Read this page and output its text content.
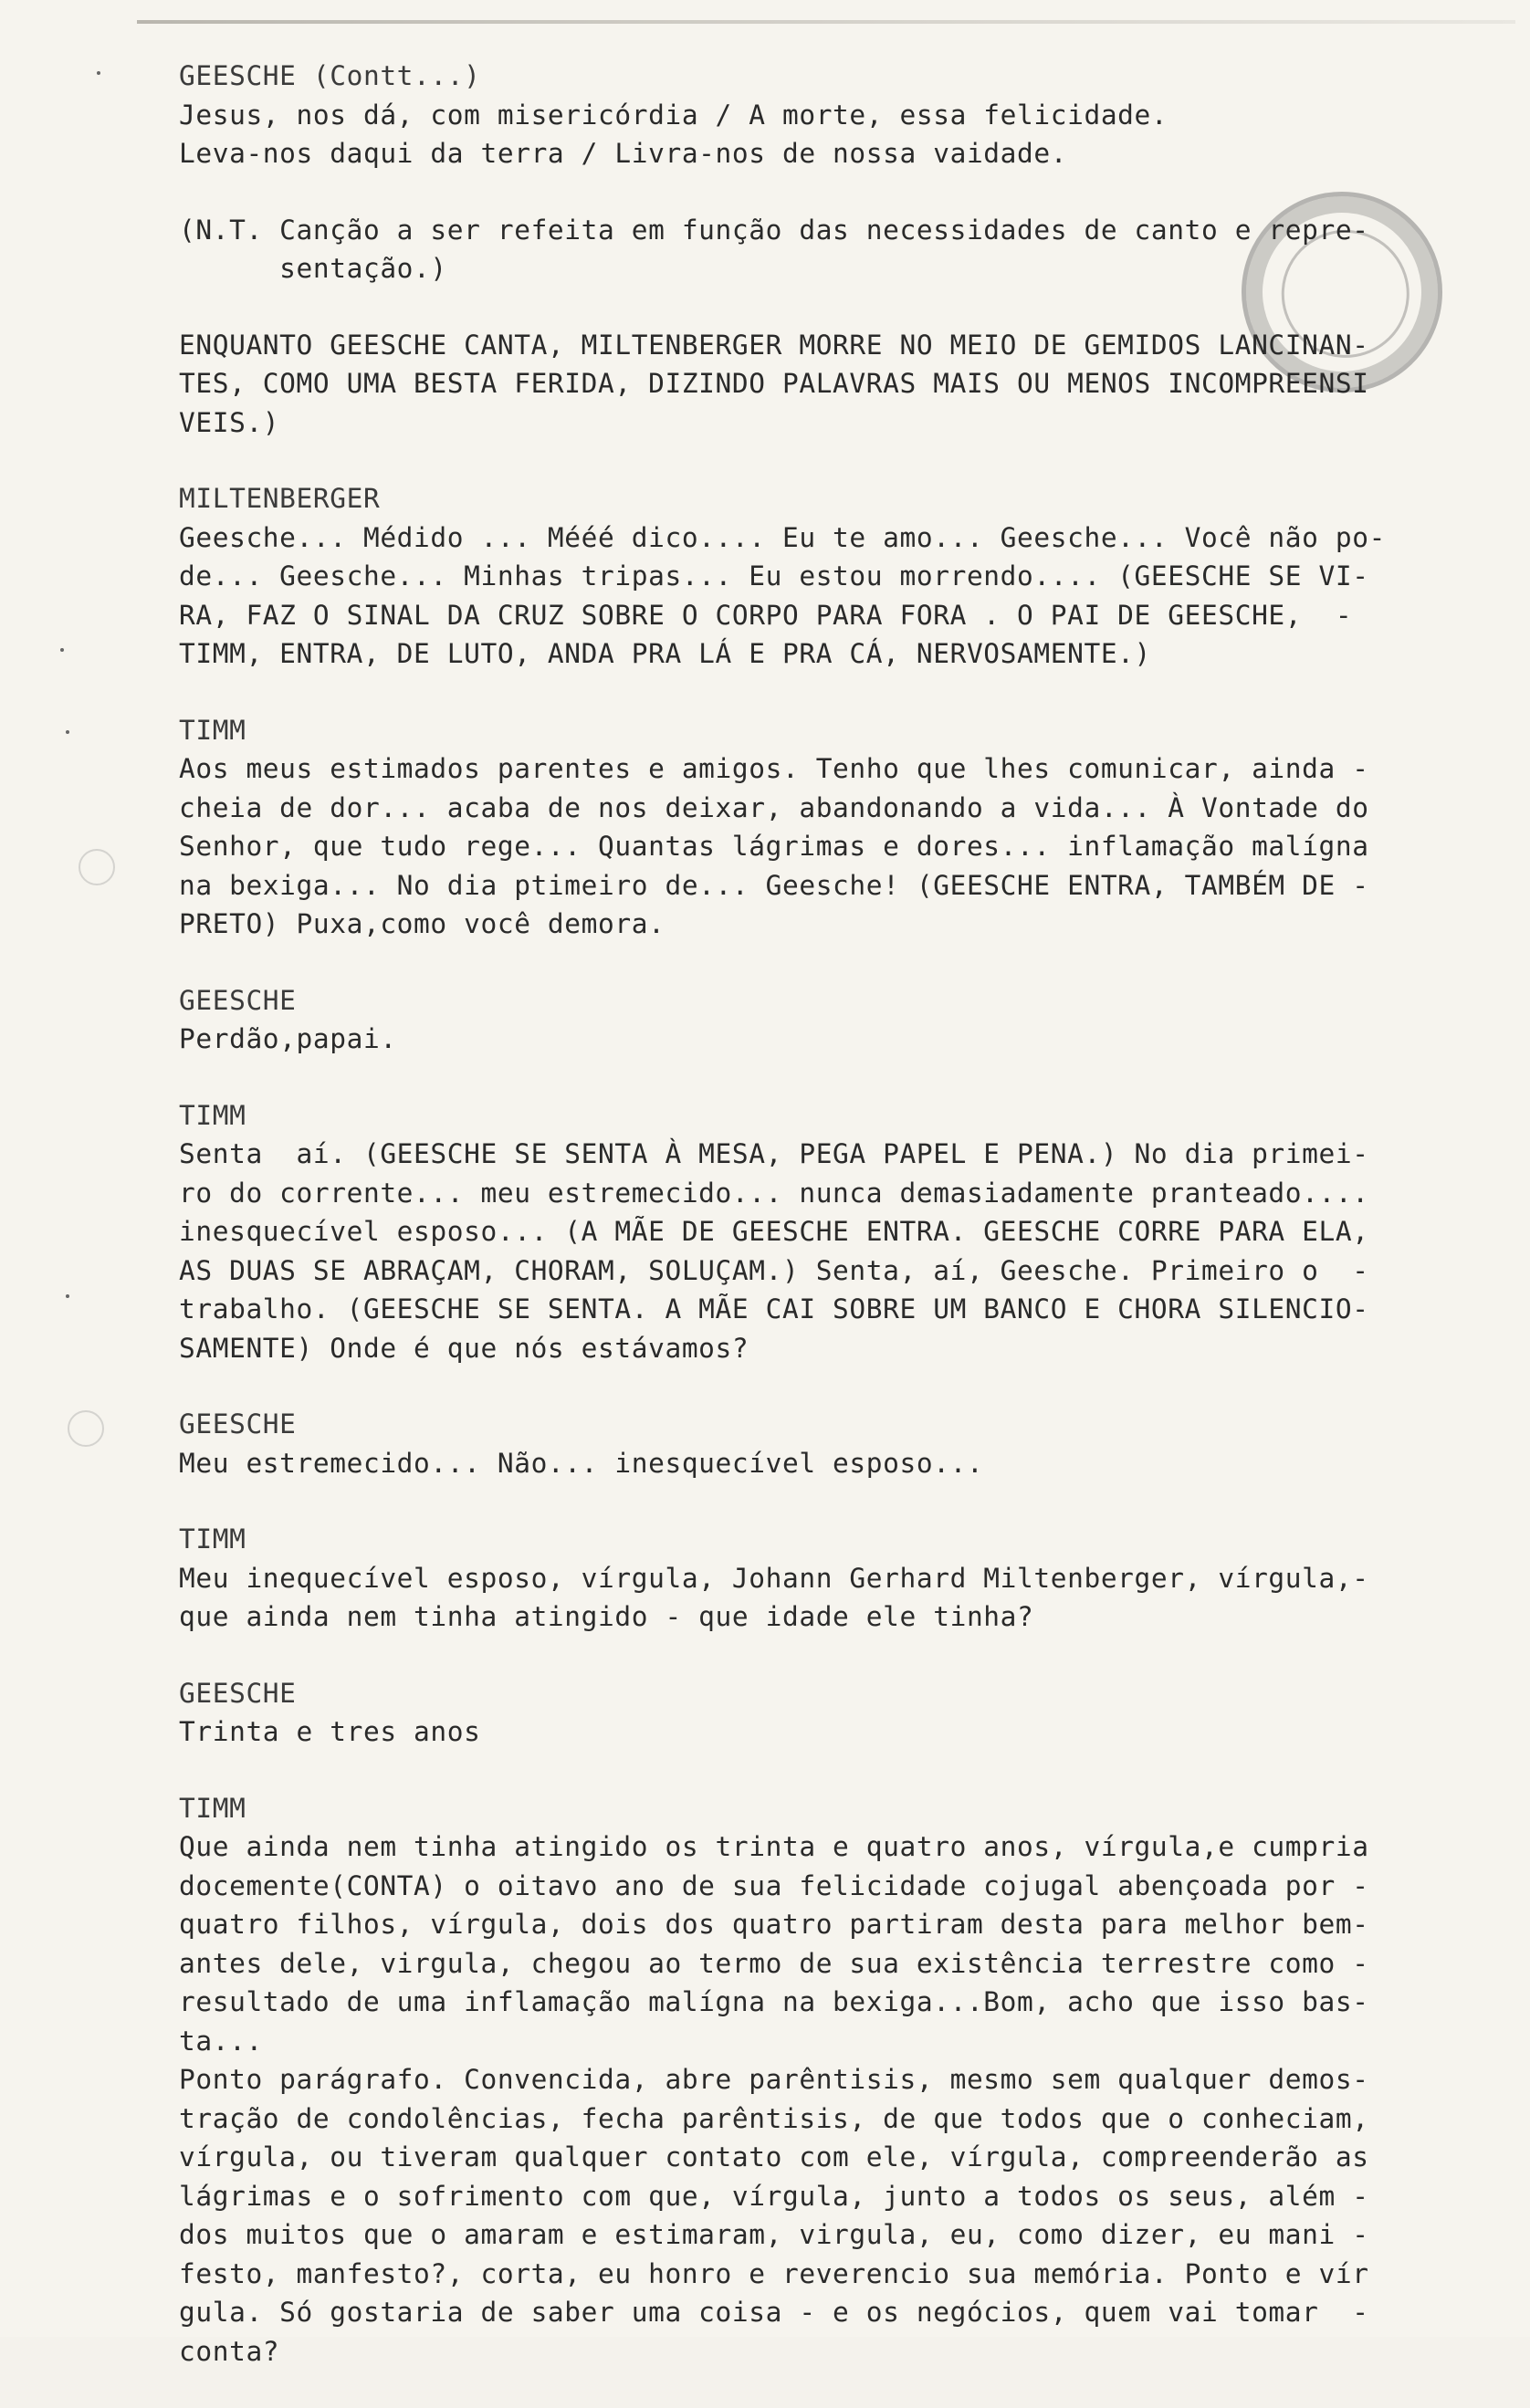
GEESCHE (Contt...)
Jesus, nos dá, com misericórdia / A morte, essa felicidade.
Leva-nos daqui da terra / Livra-nos de nossa vaidade.
(N.T. Canção a ser refeita em função das necessidades de canto e repre-
sentação.)
ENQUANTO GEESCHE CANTA, MILTENBERGER MORRE NO MEIO DE GEMIDOS LANCINAN-
TES, COMO UMA BESTA FERIDA, DIZINDO PALAVRAS MAIS OU MENOS INCOMPREENSI
VEIS.)
MILTENBERGER
Geesche... Médido ... Mééé dico.... Eu te amo... Geesche... Você não po-
de... Geesche... Minhas tripas... Eu estou morrendo.... (GEESCHE SE VI-
RA, FAZ O SINAL DA CRUZ SOBRE O CORPO PARA FORA . O PAI DE GEESCHE,  -
TIMM, ENTRA, DE LUTO, ANDA PRA LÁ E PRA CÁ, NERVOSAMENTE.)
TIMM
Aos meus estimados parentes e amigos. Tenho que lhes comunicar, ainda -
cheia de dor... acaba de nos deixar, abandonando a vida... À Vontade do
Senhor, que tudo rege... Quantas lágrimas e dores... inflamação malígna
na bexiga... No dia ptimeiro de... Geesche! (GEESCHE ENTRA, TAMBÉM DE -
PRETO) Puxa,como você demora.
GEESCHE
Perdão,papai.
TIMM
Senta  aí. (GEESCHE SE SENTA À MESA, PEGA PAPEL E PENA.) No dia primei-
ro do corrente... meu estremecido... nunca demasiadamente pranteado....
inesquecível esposo... (A MÃE DE GEESCHE ENTRA. GEESCHE CORRE PARA ELA,
AS DUAS SE ABRAÇAM, CHORAM, SOLUÇAM.) Senta, aí, Geesche. Primeiro o  -
trabalho. (GEESCHE SE SENTA. A MÃE CAI SOBRE UM BANCO E CHORA SILENCIO-
SAMENTE) Onde é que nós estávamos?
GEESCHE
Meu estremecido... Não... inesquecível esposo...
TIMM
Meu inequecível esposo, vírgula, Johann Gerhard Miltenberger, vírgula,-
que ainda nem tinha atingido - que idade ele tinha?
GEESCHE
Trinta e tres anos
TIMM
Que ainda nem tinha atingido os trinta e quatro anos, vírgula,e cumpria
docemente(CONTA) o oitavo ano de sua felicidade cojugal abençoada por -
quatro filhos, vírgula, dois dos quatro partiram desta para melhor bem-
antes dele, virgula, chegou ao termo de sua existência terrestre como -
resultado de uma inflamação malígna na bexiga...Bom, acho que isso bas-
ta...
Ponto parágrafo. Convencida, abre parêntisis, mesmo sem qualquer demos-
tração de condolências, fecha parêntisis, de que todos que o conheciam,
vírgula, ou tiveram qualquer contato com ele, vírgula, compreenderão as
lágrimas e o sofrimento com que, vírgula, junto a todos os seus, além -
dos muitos que o amaram e estimaram, virgula, eu, como dizer, eu mani -
festo, manfesto?, corta, eu honro e reverencio sua memória. Ponto e vír
gula. Só gostaria de saber uma coisa - e os negócios, quem vai tomar  -
conta?
